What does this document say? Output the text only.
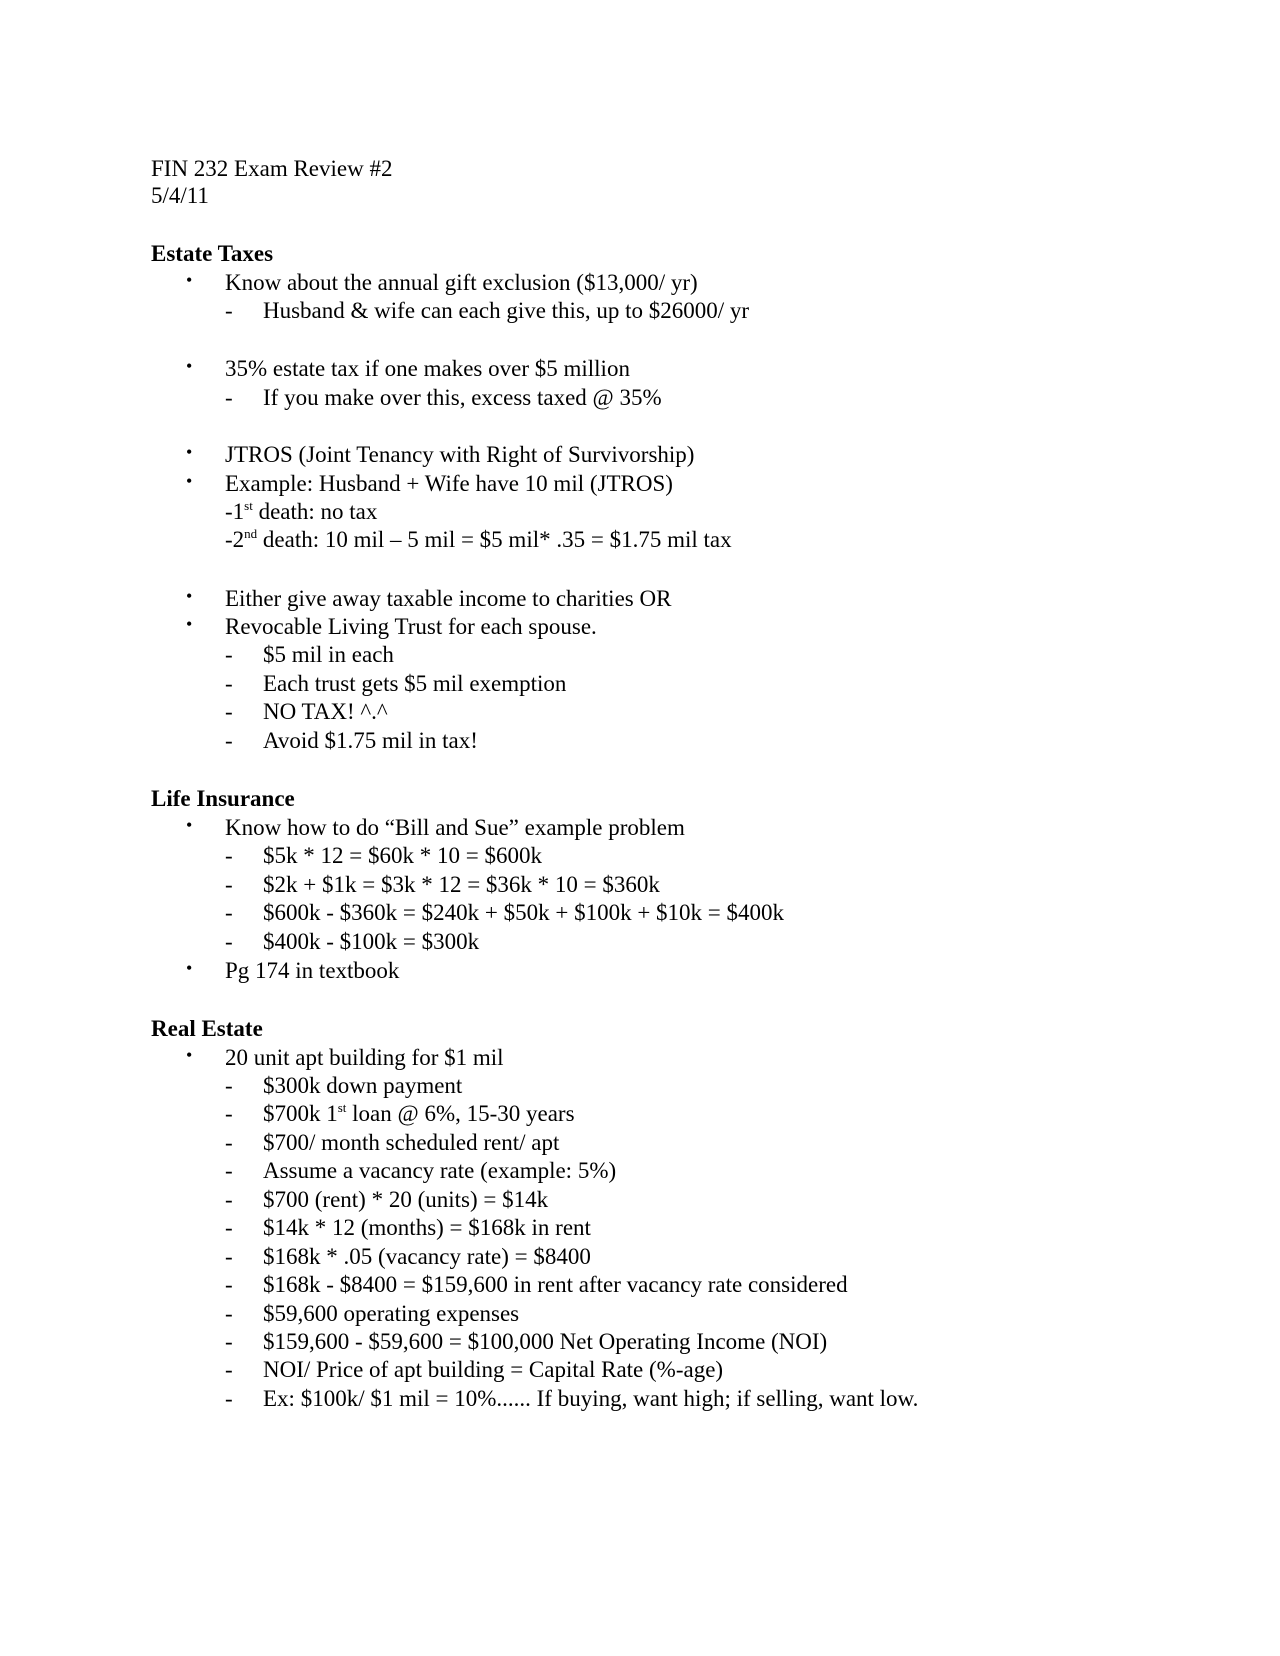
FIN 232 Exam Review #2
5/4/11
Estate Taxes
• Know about the annual gift exclusion ($13,000/ yr)
- Husband & wife can each give this, up to $26000/ yr
• 35% estate tax if one makes over $5 million
- If you make over this, excess taxed @ 35%
• JTROS (Joint Tenancy with Right of Survivorship)
• Example: Husband + Wife have 10 mil (JTROS)
-1st death: no tax
-2nd death: 10 mil – 5 mil = $5 mil* .35 = $1.75 mil tax
• Either give away taxable income to charities OR
• Revocable Living Trust for each spouse.
- $5 mil in each
- Each trust gets $5 mil exemption
- NO TAX! ^.^
- Avoid $1.75 mil in tax!
Life Insurance
• Know how to do “Bill and Sue” example problem
- $5k * 12 = $60k * 10 = $600k
- $2k + $1k = $3k * 12 = $36k * 10 = $360k
- $600k - $360k = $240k + $50k + $100k + $10k = $400k
- $400k - $100k = $300k
• Pg 174 in textbook
Real Estate
• 20 unit apt building for $1 mil
- $300k down payment
- $700k 1st loan @ 6%, 15-30 years
- $700/ month scheduled rent/ apt
- Assume a vacancy rate (example: 5%)
- $700 (rent) * 20 (units) = $14k
- $14k * 12 (months) = $168k in rent
- $168k * .05 (vacancy rate) = $8400
- $168k - $8400 = $159,600 in rent after vacancy rate considered
- $59,600 operating expenses
- $159,600 - $59,600 = $100,000 Net Operating Income (NOI)
- NOI/ Price of apt building = Capital Rate (%-age)
- Ex: $100k/ $1 mil = 10%...... If buying, want high; if selling, want low.
